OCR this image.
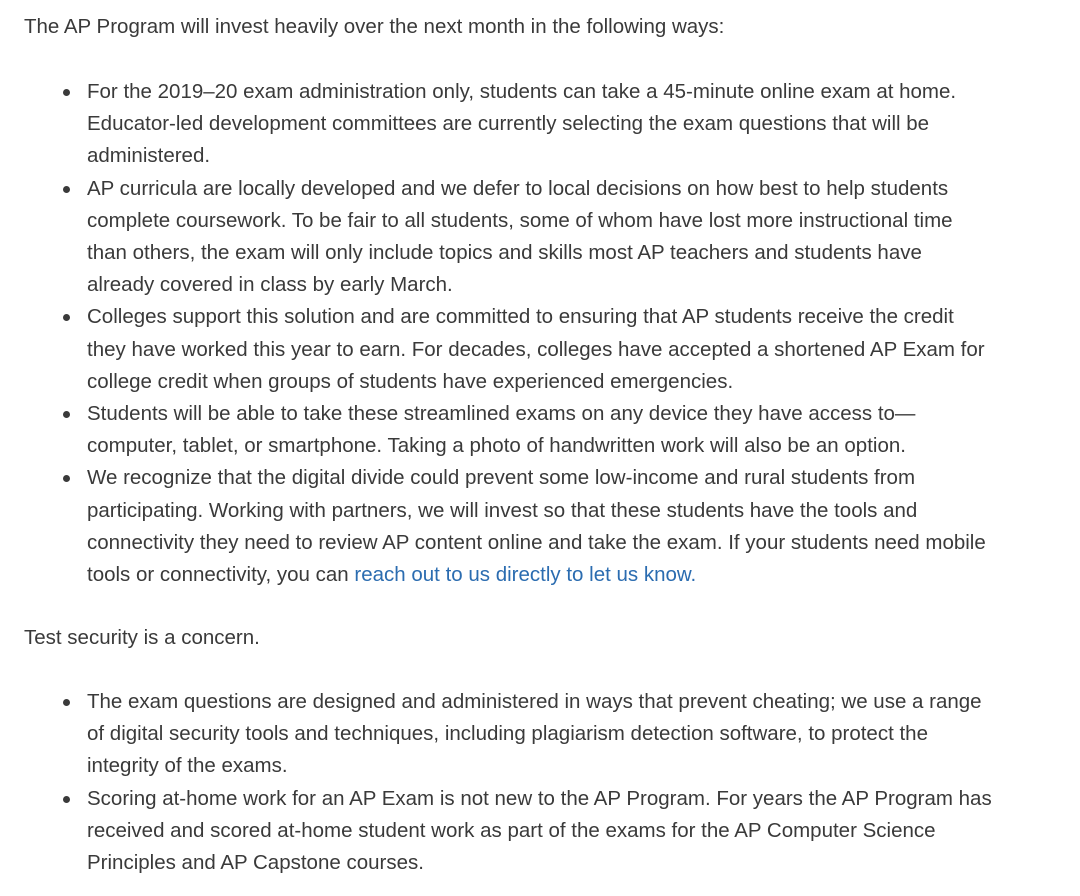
The AP Program will invest heavily over the next month in the following ways:

For the 2019–20 exam administration only, students can take a 45-minute online exam at home.
Educator-led development committees are currently selecting the exam questions that will be
administered.
AP curricula are locally developed and we defer to local decisions on how best to help students
complete coursework. To be fair to all students, some of whom have lost more instructional time
than others, the exam will only include topics and skills most AP teachers and students have
already covered in class by early March.
Colleges support this solution and are committed to ensuring that AP students receive the credit
they have worked this year to earn. For decades, colleges have accepted a shortened AP Exam for
college credit when groups of students have experienced emergencies.
Students will be able to take these streamlined exams on any device they have access to—
computer, tablet, or smartphone. Taking a photo of handwritten work will also be an option.
We recognize that the digital divide could prevent some low-income and rural students from
participating. Working with partners, we will invest so that these students have the tools and
connectivity they need to review AP content online and take the exam. If your students need mobile
tools or connectivity, you can reach out to us directly to let us know.

Test security is a concern.

The exam questions are designed and administered in ways that prevent cheating; we use a range
of digital security tools and techniques, including plagiarism detection software, to protect the
integrity of the exams.
Scoring at-home work for an AP Exam is not new to the AP Program. For years the AP Program has
received and scored at-home student work as part of the exams for the AP Computer Science
Principles and AP Capstone courses.
